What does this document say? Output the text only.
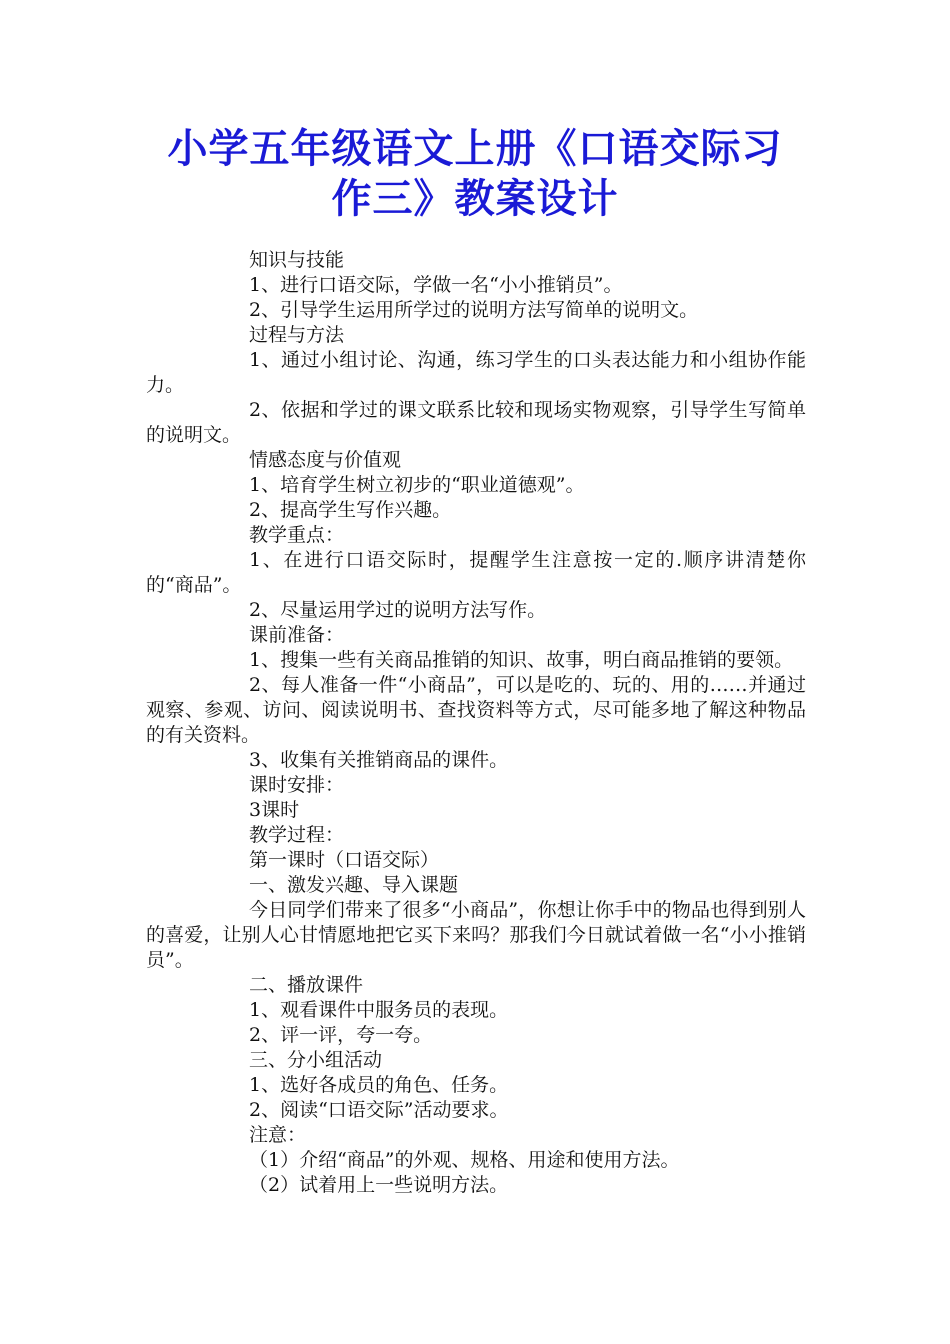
小学五年级语文上册《口语交际习作三》教案设计

知识与技能

1、进行口语交际，学做一名“小小推销员”。

2、引导学生运用所学过的说明方法写简单的说明文。

过程与方法

1、通过小组讨论、沟通，练习学生的口头表达能力和小组协作能力。

2、依据和学过的课文联系比较和现场实物观察，引导学生写简单的说明文。

情感态度与价值观

1、培育学生树立初步的“职业道德观”。

2、提高学生写作兴趣。

教学重点：

1、在进行口语交际时，提醒学生注意按一定的.顺序讲清楚你的“商品”。

2、尽量运用学过的说明方法写作。

课前准备：

1、搜集一些有关商品推销的知识、故事，明白商品推销的要领。

2、每人准备一件“小商品”，可以是吃的、玩的、用的……并通过观察、参观、访问、阅读说明书、查找资料等方式，尽可能多地了解这种物品的有关资料。

3、收集有关推销商品的课件。

课时安排：

3课时

教学过程：

第一课时（口语交际）

一、激发兴趣、导入课题

今日同学们带来了很多“小商品”，你想让你手中的物品也得到别人的喜爱，让别人心甘情愿地把它买下来吗？那我们今日就试着做一名“小小推销员”。

二、播放课件

1、观看课件中服务员的表现。

2、评一评，夸一夸。

三、分小组活动

1、选好各成员的角色、任务。

2、阅读“口语交际”活动要求。

注意：

（1）介绍“商品”的外观、规格、用途和使用方法。

（2）试着用上一些说明方法。
